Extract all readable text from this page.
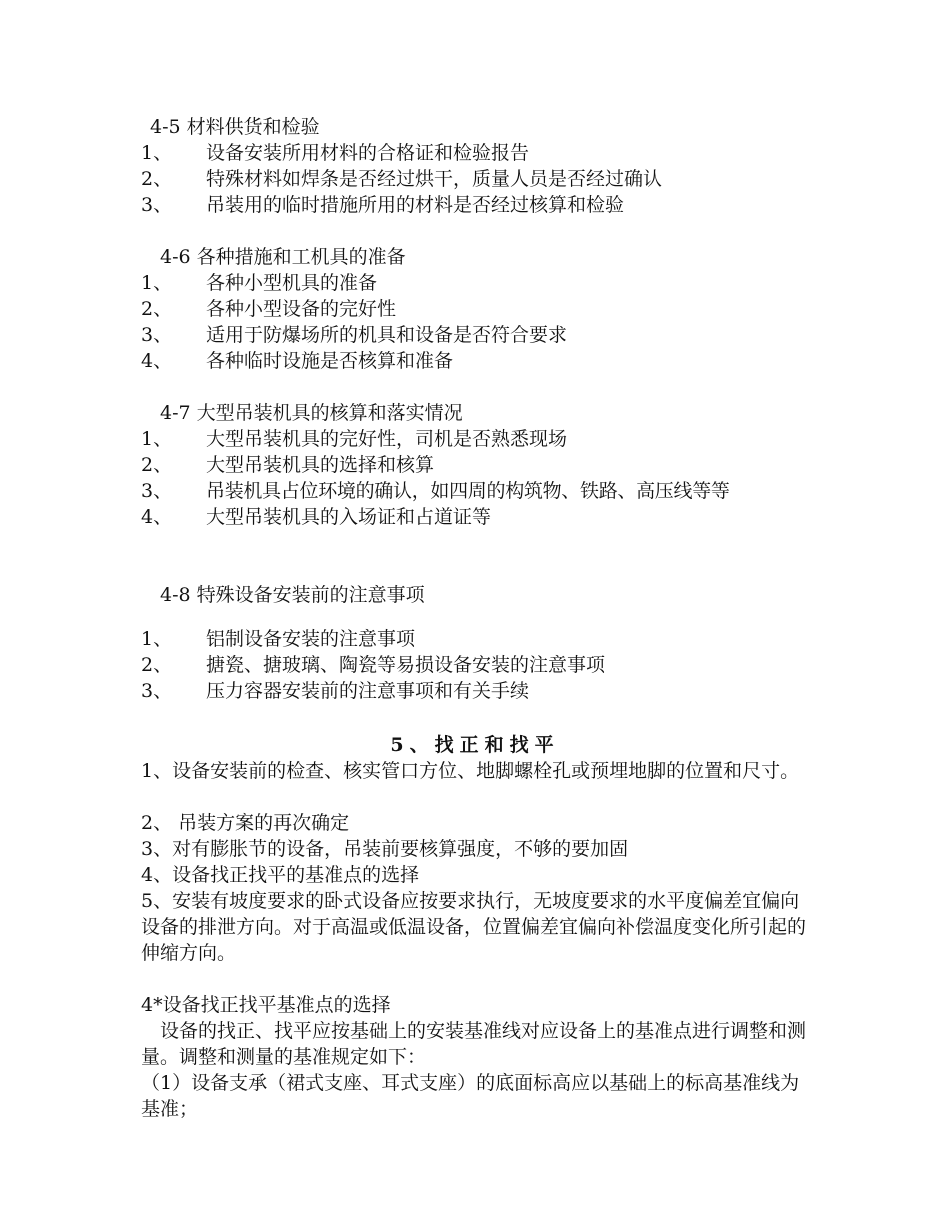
4-5 材料供货和检验
1、 设备安装所用材料的合格证和检验报告
2、 特殊材料如焊条是否经过烘干，质量人员是否经过确认
3、 吊装用的临时措施所用的材料是否经过核算和检验
4-6 各种措施和工机具的准备
1、 各种小型机具的准备
2、 各种小型设备的完好性
3、 适用于防爆场所的机具和设备是否符合要求
4、 各种临时设施是否核算和准备
4-7 大型吊装机具的核算和落实情况
1、 大型吊装机具的完好性，司机是否熟悉现场
2、 大型吊装机具的选择和核算
3、 吊装机具占位环境的确认，如四周的构筑物、铁路、高压线等等
4、 大型吊装机具的入场证和占道证等
4-8 特殊设备安装前的注意事项
1、 铝制设备安装的注意事项
2、 搪瓷、搪玻璃、陶瓷等易损设备安装的注意事项
3、 压力容器安装前的注意事项和有关手续
5、找正和找平
1、设备安装前的检查、核实管口方位、地脚螺栓孔或预埋地脚的位置和尺寸。
2、 吊装方案的再次确定
3、对有膨胀节的设备，吊装前要核算强度，不够的要加固
4、设备找正找平的基准点的选择
5、安装有坡度要求的卧式设备应按要求执行，无坡度要求的水平度偏差宜偏向设备的排泄方向。对于高温或低温设备，位置偏差宜偏向补偿温度变化所引起的伸缩方向。
4*设备找正找平基准点的选择
　设备的找正、找平应按基础上的安装基准线对应设备上的基准点进行调整和测量。调整和测量的基准规定如下：
（1）设备支承（裙式支座、耳式支座）的底面标高应以基础上的标高基准线为基准；
